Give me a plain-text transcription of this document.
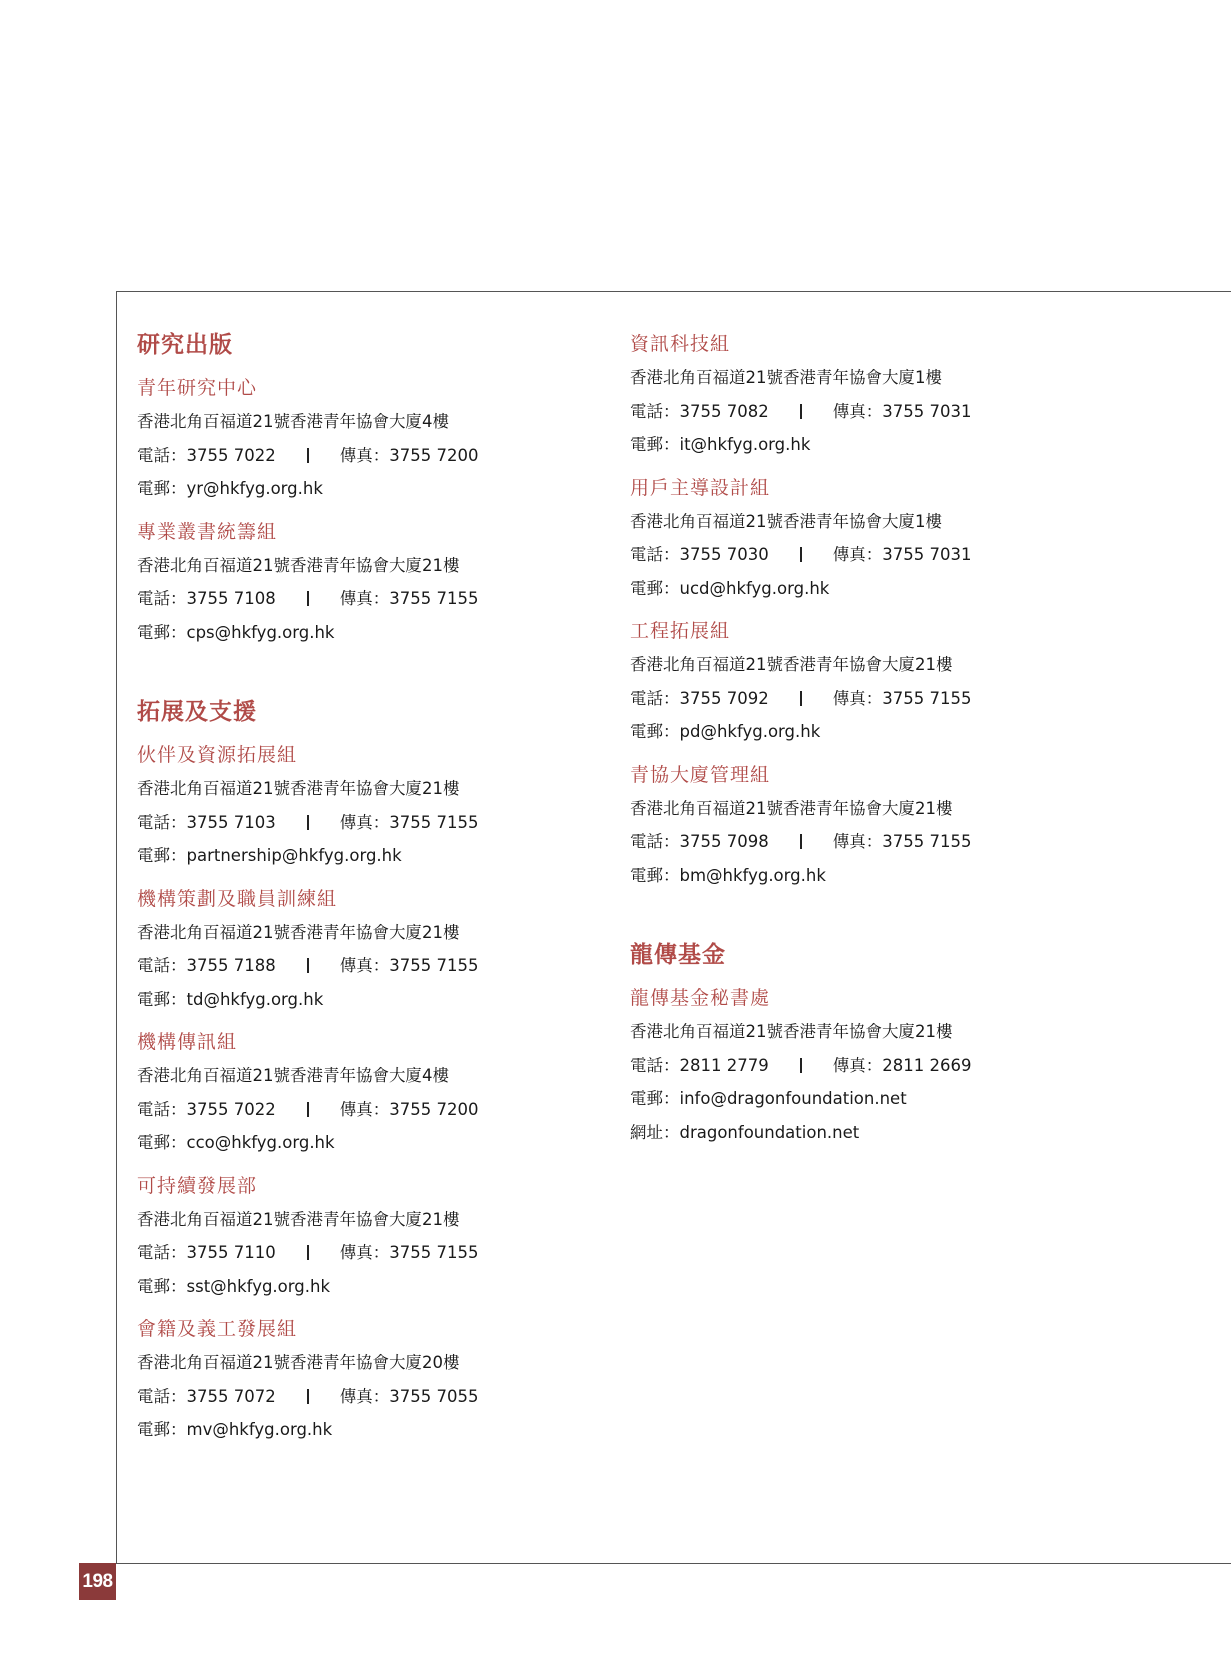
研究出版
青年研究中心
香港北角百福道21號香港青年協會大廈4樓
電話：3755 7022	傳真：3755 7200
電郵：yr@hkfyg.org.hk
專業叢書統籌組
香港北角百福道21號香港青年協會大廈21樓
電話：3755 7108	傳真：3755 7155
電郵：cps@hkfyg.org.hk
拓展及支援
伙伴及資源拓展組
香港北角百福道21號香港青年協會大廈21樓
電話：3755 7103	傳真：3755 7155
電郵：partnership@hkfyg.org.hk
機構策劃及職員訓練組
香港北角百福道21號香港青年協會大廈21樓
電話：3755 7188	傳真：3755 7155
電郵：td@hkfyg.org.hk
機構傳訊組
香港北角百福道21號香港青年協會大廈4樓
電話：3755 7022	傳真：3755 7200
電郵：cco@hkfyg.org.hk
可持續發展部
香港北角百福道21號香港青年協會大廈21樓
電話：3755 7110	傳真：3755 7155
電郵：sst@hkfyg.org.hk
會籍及義工發展組
香港北角百福道21號香港青年協會大廈20樓
電話：3755 7072	傳真：3755 7055
電郵：mv@hkfyg.org.hk
資訊科技組
香港北角百福道21號香港青年協會大廈1樓
電話：3755 7082	傳真：3755 7031
電郵：it@hkfyg.org.hk
用戶主導設計組
香港北角百福道21號香港青年協會大廈1樓
電話：3755 7030	傳真：3755 7031
電郵：ucd@hkfyg.org.hk
工程拓展組
香港北角百福道21號香港青年協會大廈21樓
電話：3755 7092	傳真：3755 7155
電郵：pd@hkfyg.org.hk
青協大廈管理組
香港北角百福道21號香港青年協會大廈21樓
電話：3755 7098	傳真：3755 7155
電郵：bm@hkfyg.org.hk
龍傳基金
龍傳基金秘書處
香港北角百福道21號香港青年協會大廈21樓
電話：2811 2779	傳真：2811 2669
電郵：info@dragonfoundation.net
網址：dragonfoundation.net
198
